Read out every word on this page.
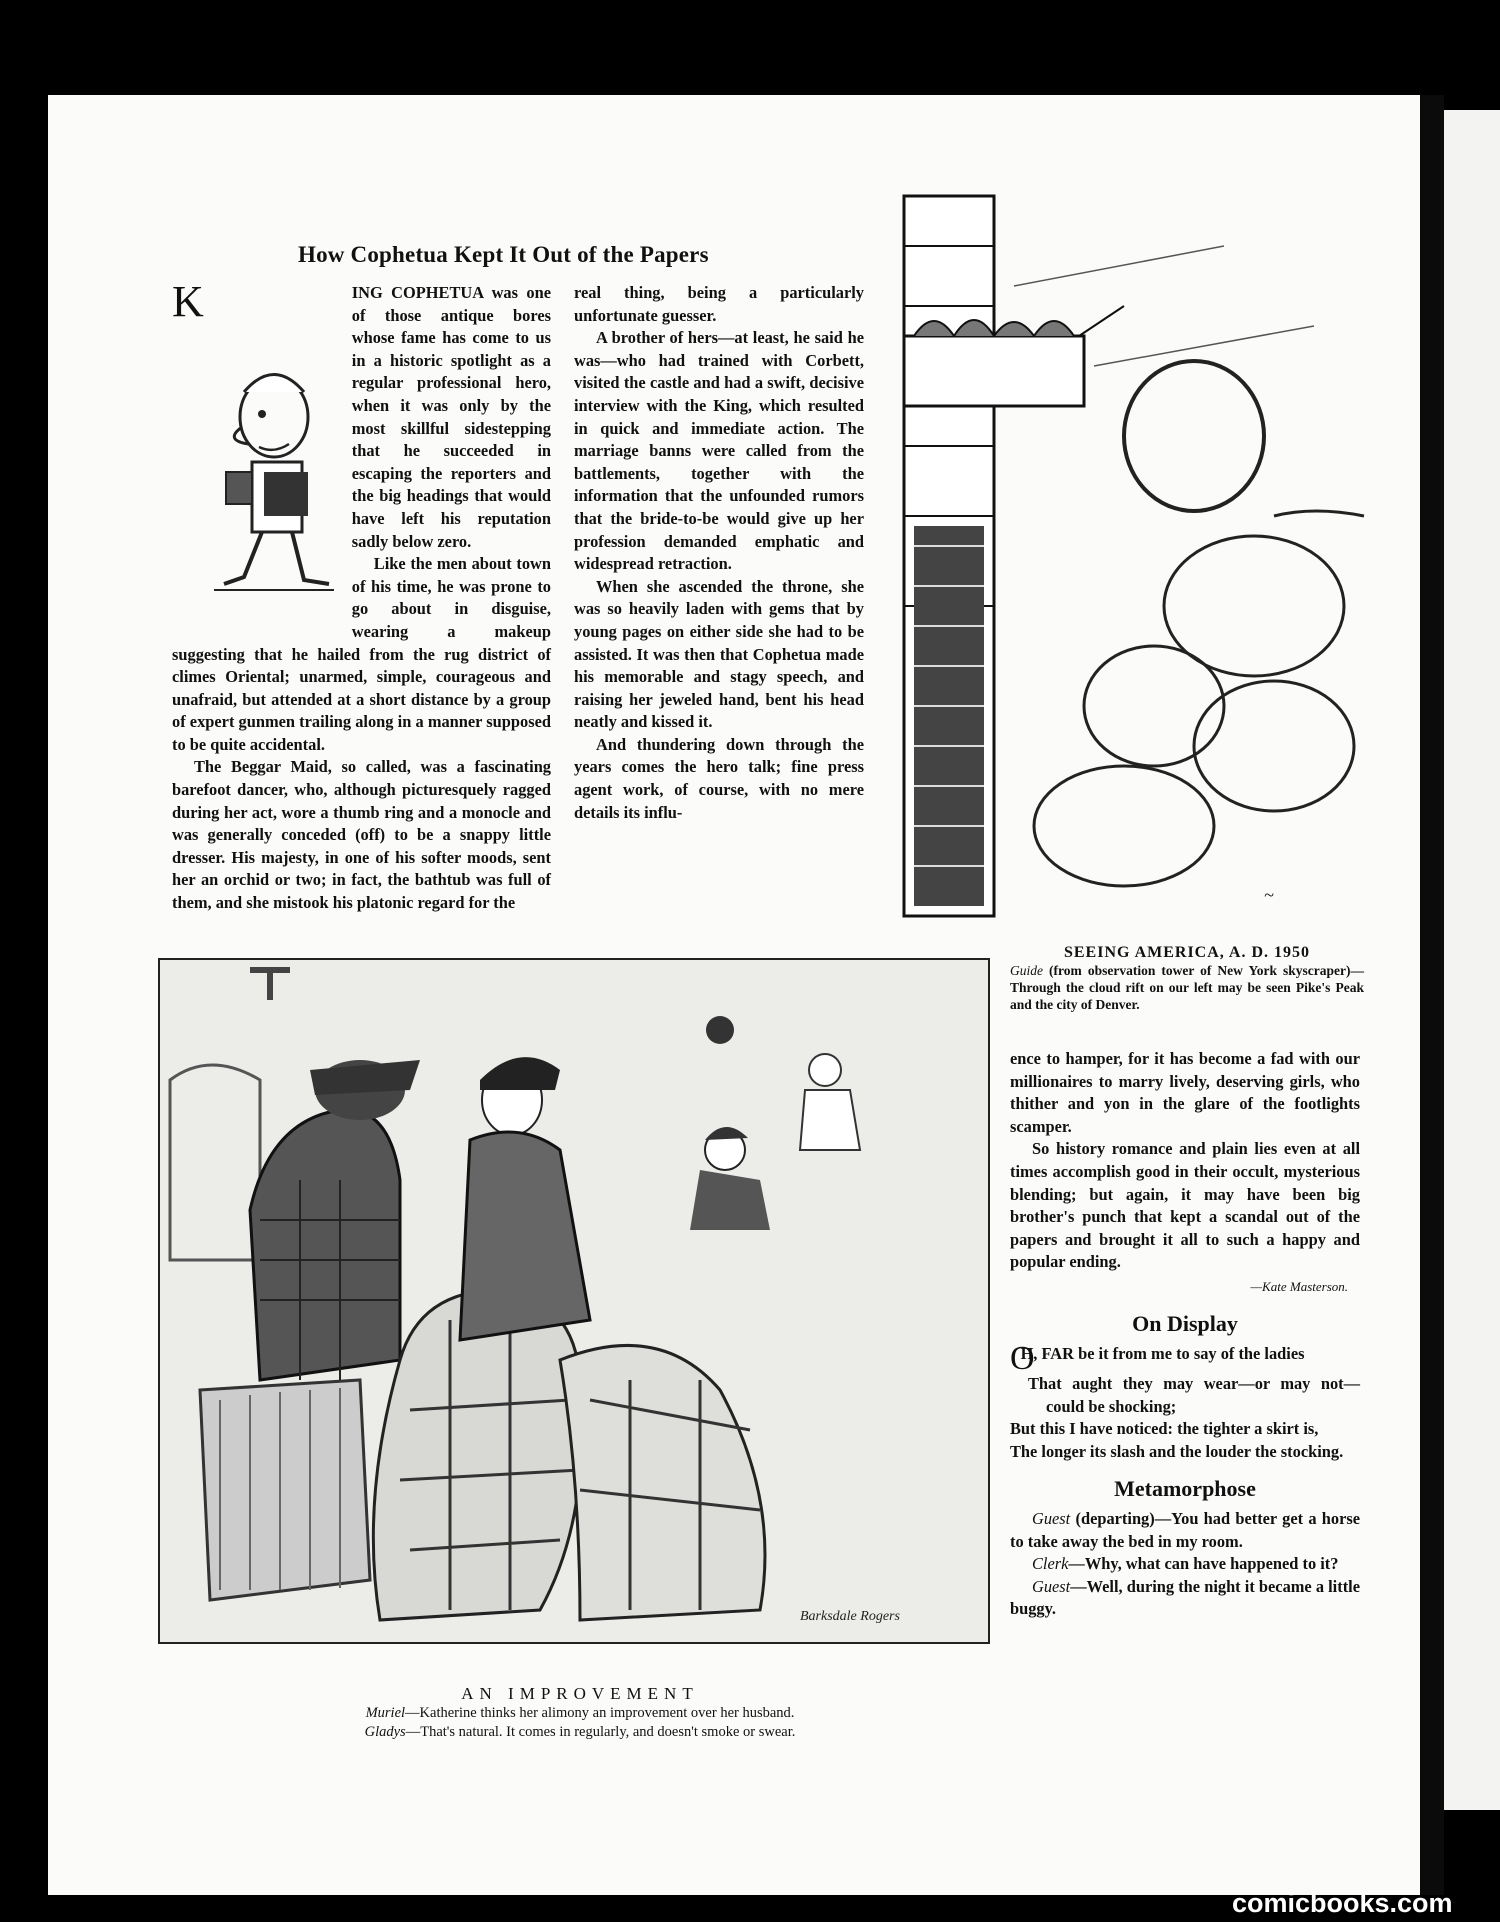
How Cophetua Kept It Out of the Papers

K	ING COPHETUA was one of those antique bores whose fame has come to us in a historic spotlight as a regular professional hero, when it was only by the most skillful sidestepping that he succeeded in escaping the reporters and the big headings that would have left his reputation sadly below zero.

Like the men about town of his time, he was prone to go about in disguise, wearing a makeup suggesting that he hailed from the rug district of climes Oriental; unarmed, simple, courageous and unafraid, but attended at a short distance by a group of expert gunmen trailing along in a manner supposed to be quite accidental.

The Beggar Maid, so called, was a fascinating barefoot dancer, who, although picturesquely ragged during her act, wore a thumb ring and a monocle and was generally conceded (off) to be a snappy little dresser. His majesty, in one of his softer moods, sent her an orchid or two; in fact, the bathtub was full of them, and she mistook his platonic regard for the

real thing, being a particularly unfortunate guesser.

A brother of hers—at least, he said he was—who had trained with Corbett, visited the castle and had a swift, decisive interview with the King, which resulted in quick and immediate action. The marriage banns were called from the battlements, together with the information that the unfounded rumors that the bride-to-be would give up her profession demanded emphatic and widespread retraction.

When she ascended the throne, she was so heavily laden with gems that by young pages on either side she had to be assisted. It was then that Cophetua made his memorable and stagy speech, and raising her jeweled hand, bent his head neatly and kissed it.

And thundering down through the years comes the hero talk; fine press agent work, of course, with no mere details its influ-

~
SEEING AMERICA, A. D. 1950
Guide (from observation tower of New York skyscraper)—Through the cloud rift on our left may be seen Pike's Peak and the city of Denver.

ence to hamper, for it has become a fad with our millionaires to marry lively, deserving girls, who thither and yon in the glare of the footlights scamper.

So history romance and plain lies even at all times accomplish good in their occult, mysterious blending; but again, it may have been big brother's punch that kept a scandal out of the papers and brought it all to such a happy and popular ending.

—Kate Masterson.

On Display

O
H, FAR be it from me to say of the ladies

That aught they may wear—or may not—could be shocking;

But this I have noticed: the tighter a skirt is,

The longer its slash and the louder the stocking.

Metamorphose

Guest (departing)—You had better get a horse to take away the bed in my room.

Clerk—Why, what can have happened to it?

Guest—Well, during the night it became a little buggy.

Barksdale Rogers
AN IMPROVEMENT
Muriel—Katherine thinks her alimony an improvement over her husband.
Gladys—That's natural. It comes in regularly, and doesn't smoke or swear.
comicbooks.com
